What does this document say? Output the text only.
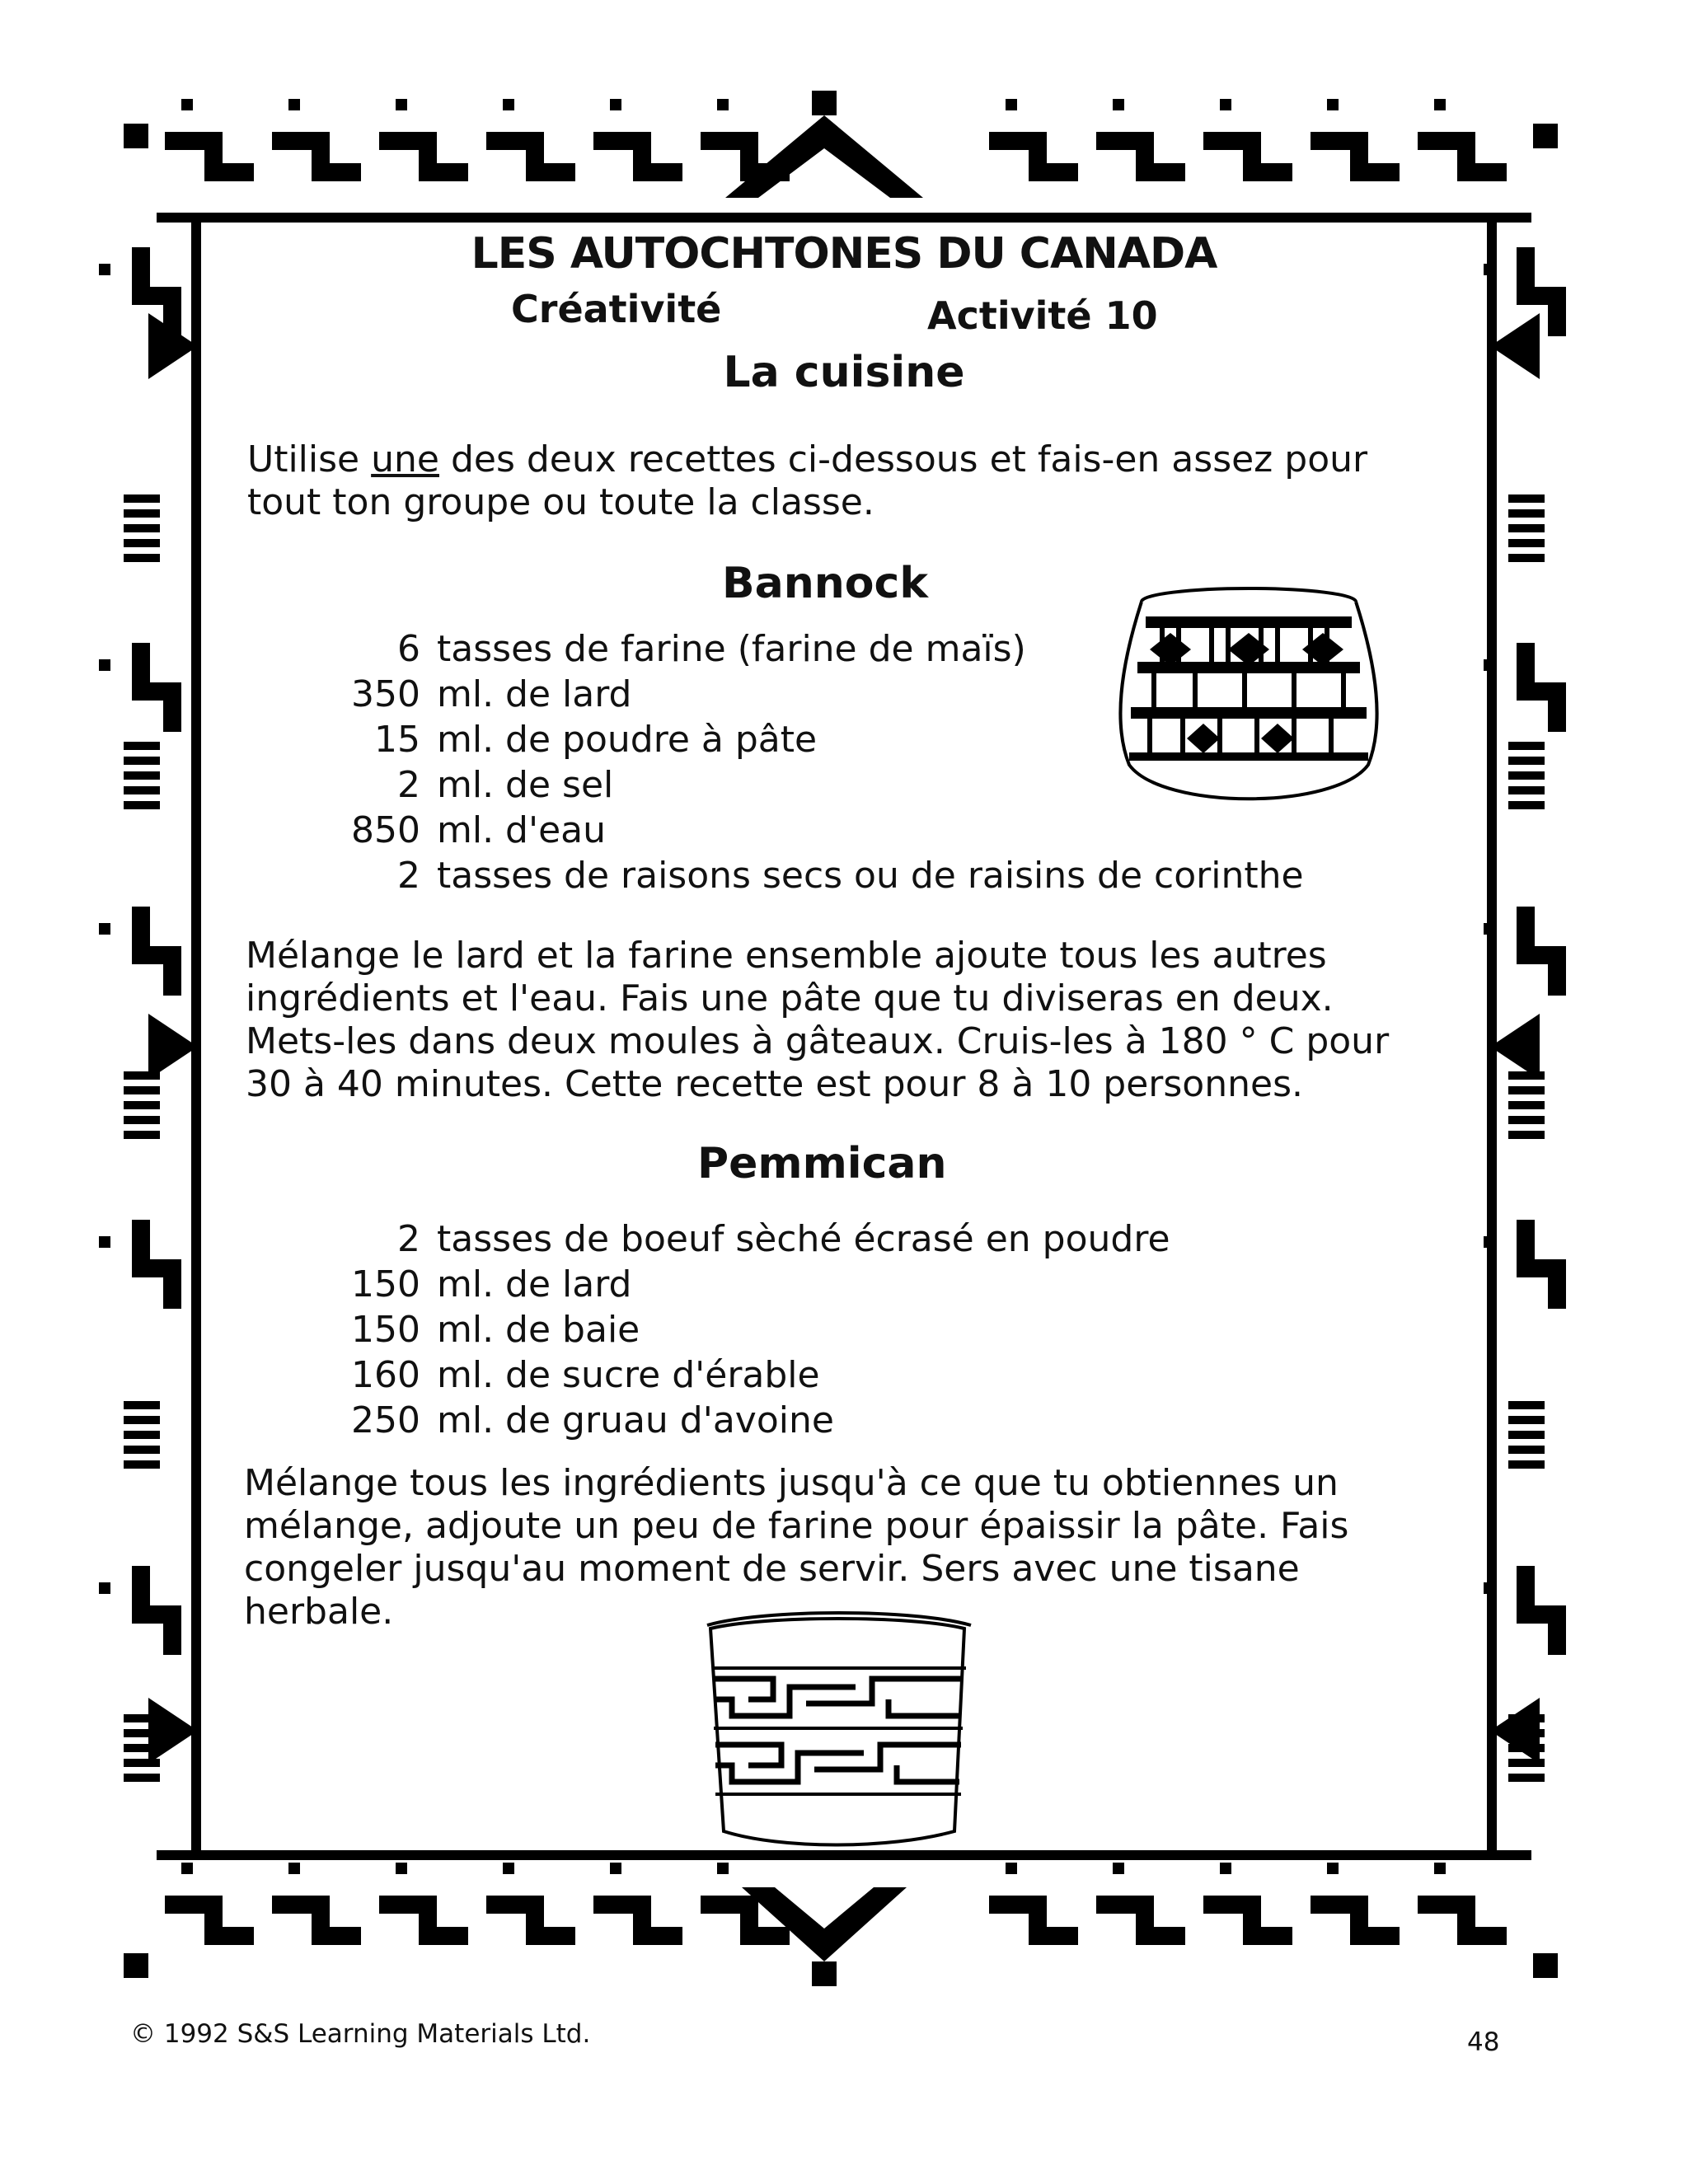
LES AUTOCHTONES DU CANADA
Créativité	Activité 10
La cuisine
Utilise une des deux recettes ci-dessous et fais-en assez pour tout ton groupe ou toute la classe.
Bannock
6 tasses de farine (farine de maïs)
350 ml. de lard
15 ml. de poudre à pâte
2 ml. de sel
850 ml. d'eau
2 tasses de raisons secs ou de raisins de corinthe
Mélange le lard et la farine ensemble ajoute tous les autres ingrédients et l'eau. Fais une pâte que tu diviseras en deux. Mets-les dans deux moules à gâteaux. Cruis-les à 180 ° C pour 30 à 40 minutes. Cette recette est pour 8 à 10 personnes.
Pemmican
2 tasses de boeuf sèché écrasé en poudre
150 ml. de lard
150 ml. de baie
160 ml. de sucre d'érable
250 ml. de gruau d'avoine
Mélange tous les ingrédients jusqu'à ce que tu obtiennes un mélange, adjoute un peu de farine pour épaissir la pâte. Fais congeler jusqu'au moment de servir. Sers avec une tisane herbale.
© 1992 S&S Learning Materials Ltd.	48
